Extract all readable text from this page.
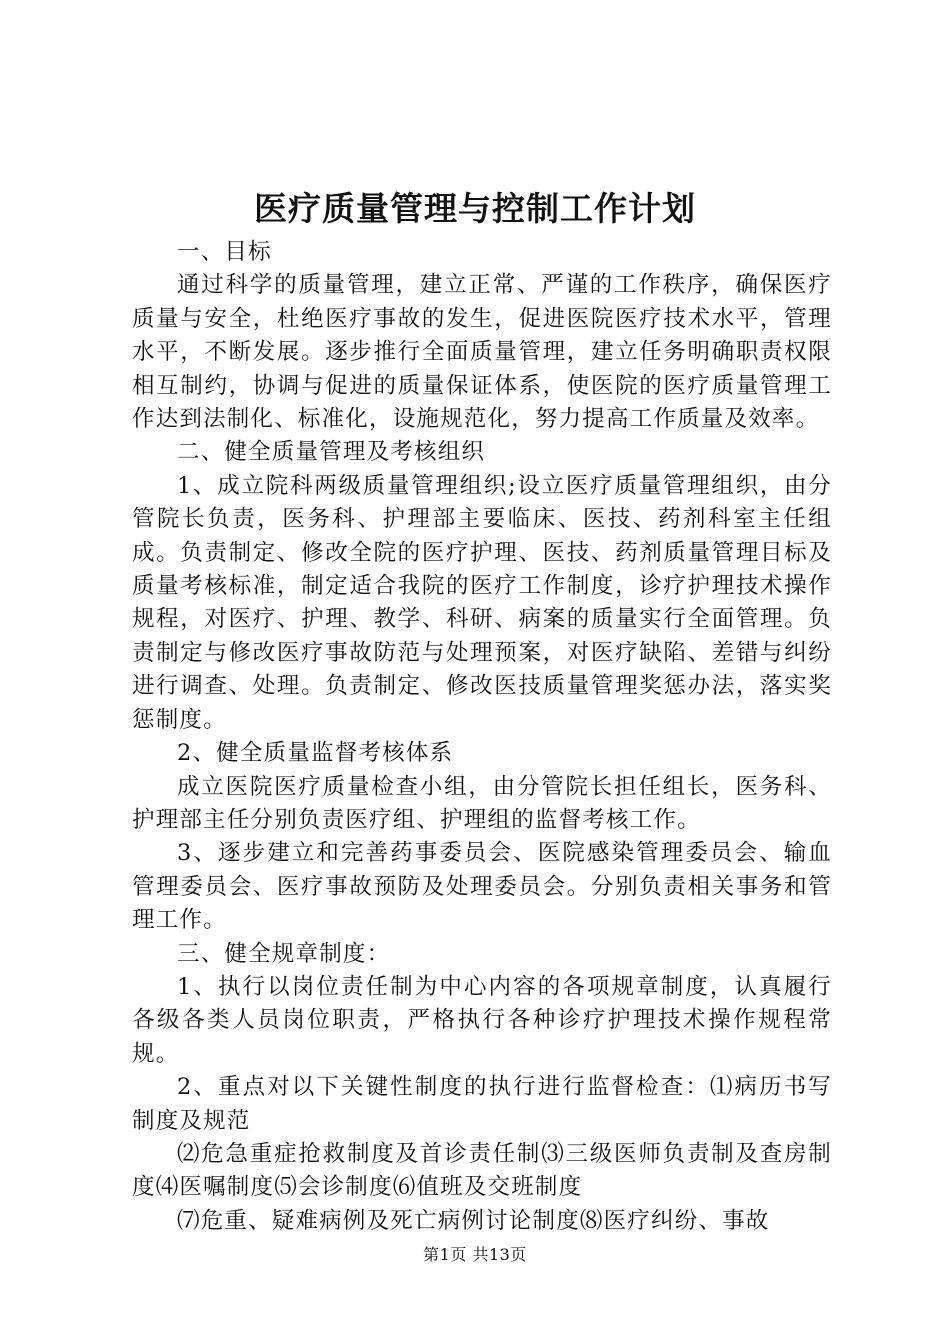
医疗质量管理与控制工作计划

一、目标

通过科学的质量管理，建立正常、严谨的工作秩序，确保医疗质量与安全，杜绝医疗事故的发生，促进医院医疗技术水平，管理水平，不断发展。逐步推行全面质量管理，建立任务明确职责权限相互制约，协调与促进的质量保证体系，使医院的医疗质量管理工作达到法制化、标准化，设施规范化，努力提高工作质量及效率。

二、健全质量管理及考核组织

1、成立院科两级质量管理组织;设立医疗质量管理组织，由分管院长负责，医务科、护理部主要临床、医技、药剂科室主任组成。负责制定、修改全院的医疗护理、医技、药剂质量管理目标及质量考核标准，制定适合我院的医疗工作制度，诊疗护理技术操作规程，对医疗、护理、教学、科研、病案的质量实行全面管理。负责制定与修改医疗事故防范与处理预案，对医疗缺陷、差错与纠纷进行调查、处理。负责制定、修改医技质量管理奖惩办法，落实奖惩制度。

2、健全质量监督考核体系

成立医院医疗质量检查小组，由分管院长担任组长，医务科、护理部主任分别负责医疗组、护理组的监督考核工作。

3、逐步建立和完善药事委员会、医院感染管理委员会、输血管理委员会、医疗事故预防及处理委员会。分别负责相关事务和管理工作。

三、健全规章制度：

1、执行以岗位责任制为中心内容的各项规章制度，认真履行各级各类人员岗位职责，严格执行各种诊疗护理技术操作规程常规。

2、重点对以下关键性制度的执行进行监督检查：⑴病历书写制度及规范

⑵危急重症抢救制度及首诊责任制⑶三级医师负责制及查房制度⑷医嘱制度⑸会诊制度⑹值班及交班制度

⑺危重、疑难病例及死亡病例讨论制度⑻医疗纠纷、事故

第1页 共13页
